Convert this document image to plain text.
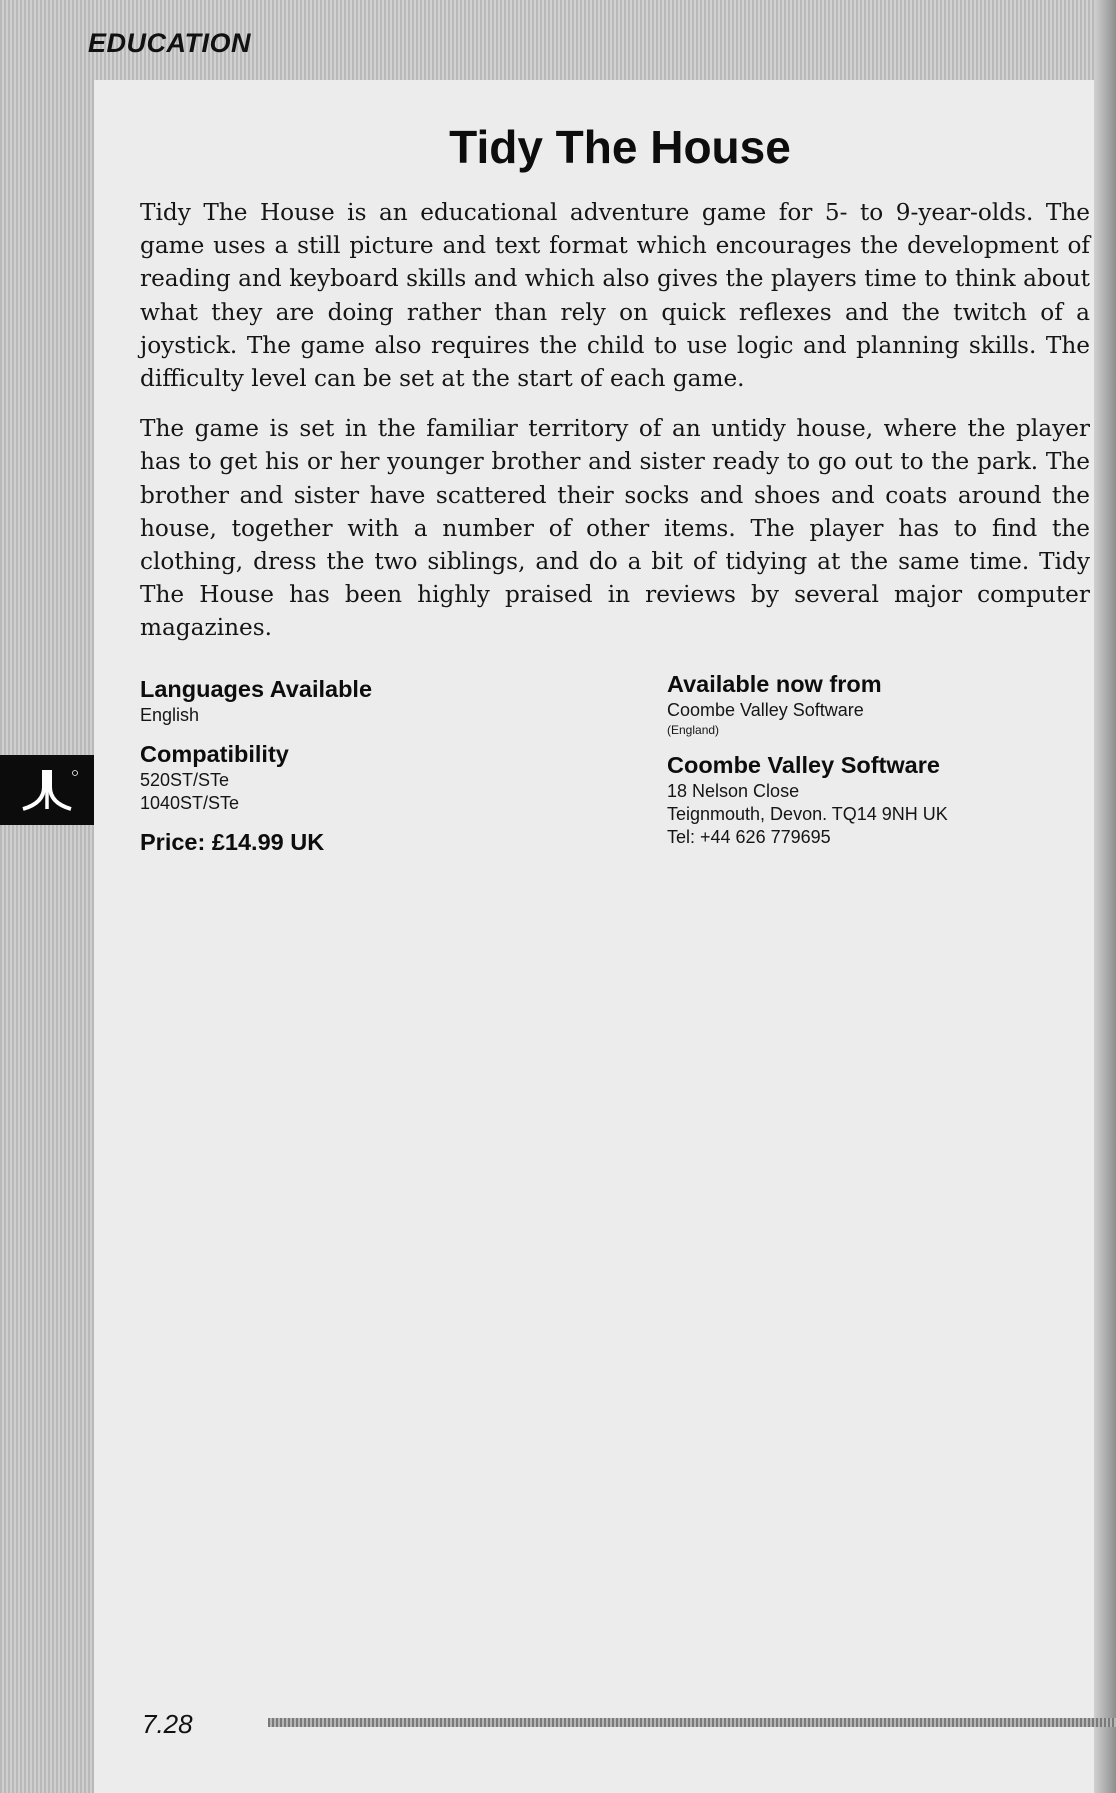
EDUCATION
Tidy The House

Tidy The House is an educational adventure game for 5- to 9-year-olds. The game uses a still picture and text format which encourages the development of reading and keyboard skills and which also gives the players time to think about what they are doing rather than rely on quick reflexes and the twitch of a joystick. The game also requires the child to use logic and planning skills. The difficulty level can be set at the start of each game.

The game is set in the familiar territory of an untidy house, where the player has to get his or her younger brother and sister ready to go out to the park. The brother and sister have scattered their socks and shoes and coats around the house, together with a number of other items. The player has to find the clothing, dress the two siblings, and do a bit of tidying at the same time. Tidy The House has been highly praised in reviews by several major computer magazines.

Languages Available
English
Compatibility
520ST/STe
1040ST/STe
Price: £14.99 UK
Available now from
Coombe Valley Software
(England)
Coombe Valley Software
18 Nelson Close
Teignmouth, Devon. TQ14 9NH UK
Tel: +44 626 779695
7.28
